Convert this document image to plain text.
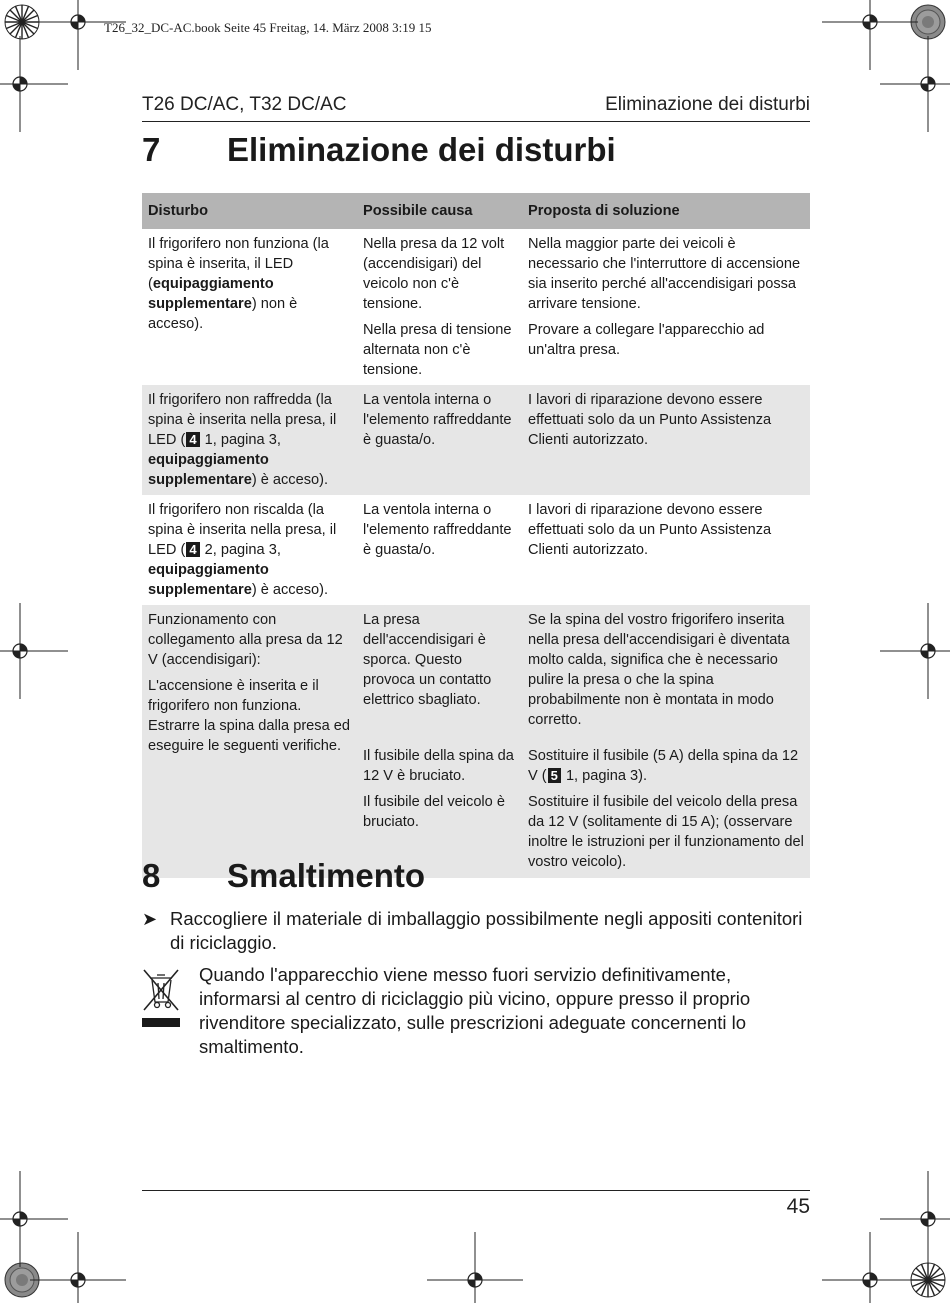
T26_32_DC-AC.book Seite 45 Freitag, 14. März 2008 3:19 15
T26 DC/AC, T32 DC/AC	Eliminazione dei disturbi
7 Eliminazione dei disturbi
Disturbo	Possibile causa	Proposta di soluzione
Il frigorifero non funziona (la spina è inserita, il LED (equipaggiamento supplementare) non è acceso).	Nella presa da 12 volt (accendisigari) del veicolo non c'è tensione.	Nella maggior parte dei veicoli è necessario che l'interruttore di accensione sia inserito perché all'accendisigari possa arrivare tensione.
	Nella presa di tensione alternata non c'è tensione.	Provare a collegare l'apparecchio ad un'altra presa.
Il frigorifero non raffredda (la spina è inserita nella presa, il LED ( 4 1, pagina 3, equipaggiamento supplementare) è acceso).	La ventola interna o l'elemento raffreddante è guasta/o.	I lavori di riparazione devono essere effettuati solo da un Punto Assistenza Clienti autorizzato.
Il frigorifero non riscalda (la spina è inserita nella presa, il LED ( 4 2, pagina 3, equipaggiamento supplementare) è acceso).	La ventola interna o l'elemento raffreddante è guasta/o.	I lavori di riparazione devono essere effettuati solo da un Punto Assistenza Clienti autorizzato.

Funzionamento con collegamento alla presa da 12 V (accendisigari):

L'accensione è inserita e il frigorifero non funziona. Estrarre la spina dalla presa ed eseguire le seguenti verifiche.	La presa dell'accendisigari è sporca. Questo provoca un contatto elettrico sbagliato.	Se la spina del vostro frigorifero inserita nella presa dell'accendisigari è diventata molto calda, significa che è necessario pulire la presa o che la spina probabilmente non è montata in modo corretto.
	Il fusibile della spina da 12 V è bruciato.	Sostituire il fusibile (5 A) della spina da 12 V ( 5 1, pagina 3).
	Il fusibile del veicolo è bruciato.	Sostituire il fusibile del veicolo della presa da 12 V (solitamente di 15 A); (osservare inoltre le istruzioni per il funzionamento del vostro veicolo).
8 Smaltimento
➤ Raccogliere il materiale di imballaggio possibilmente negli appositi contenitori di riciclaggio.
Quando l'apparecchio viene messo fuori servizio definitivamente, informarsi al centro di riciclaggio più vicino, oppure presso il proprio rivenditore specializzato, sulle prescrizioni adeguate concernenti lo smaltimento.
45
